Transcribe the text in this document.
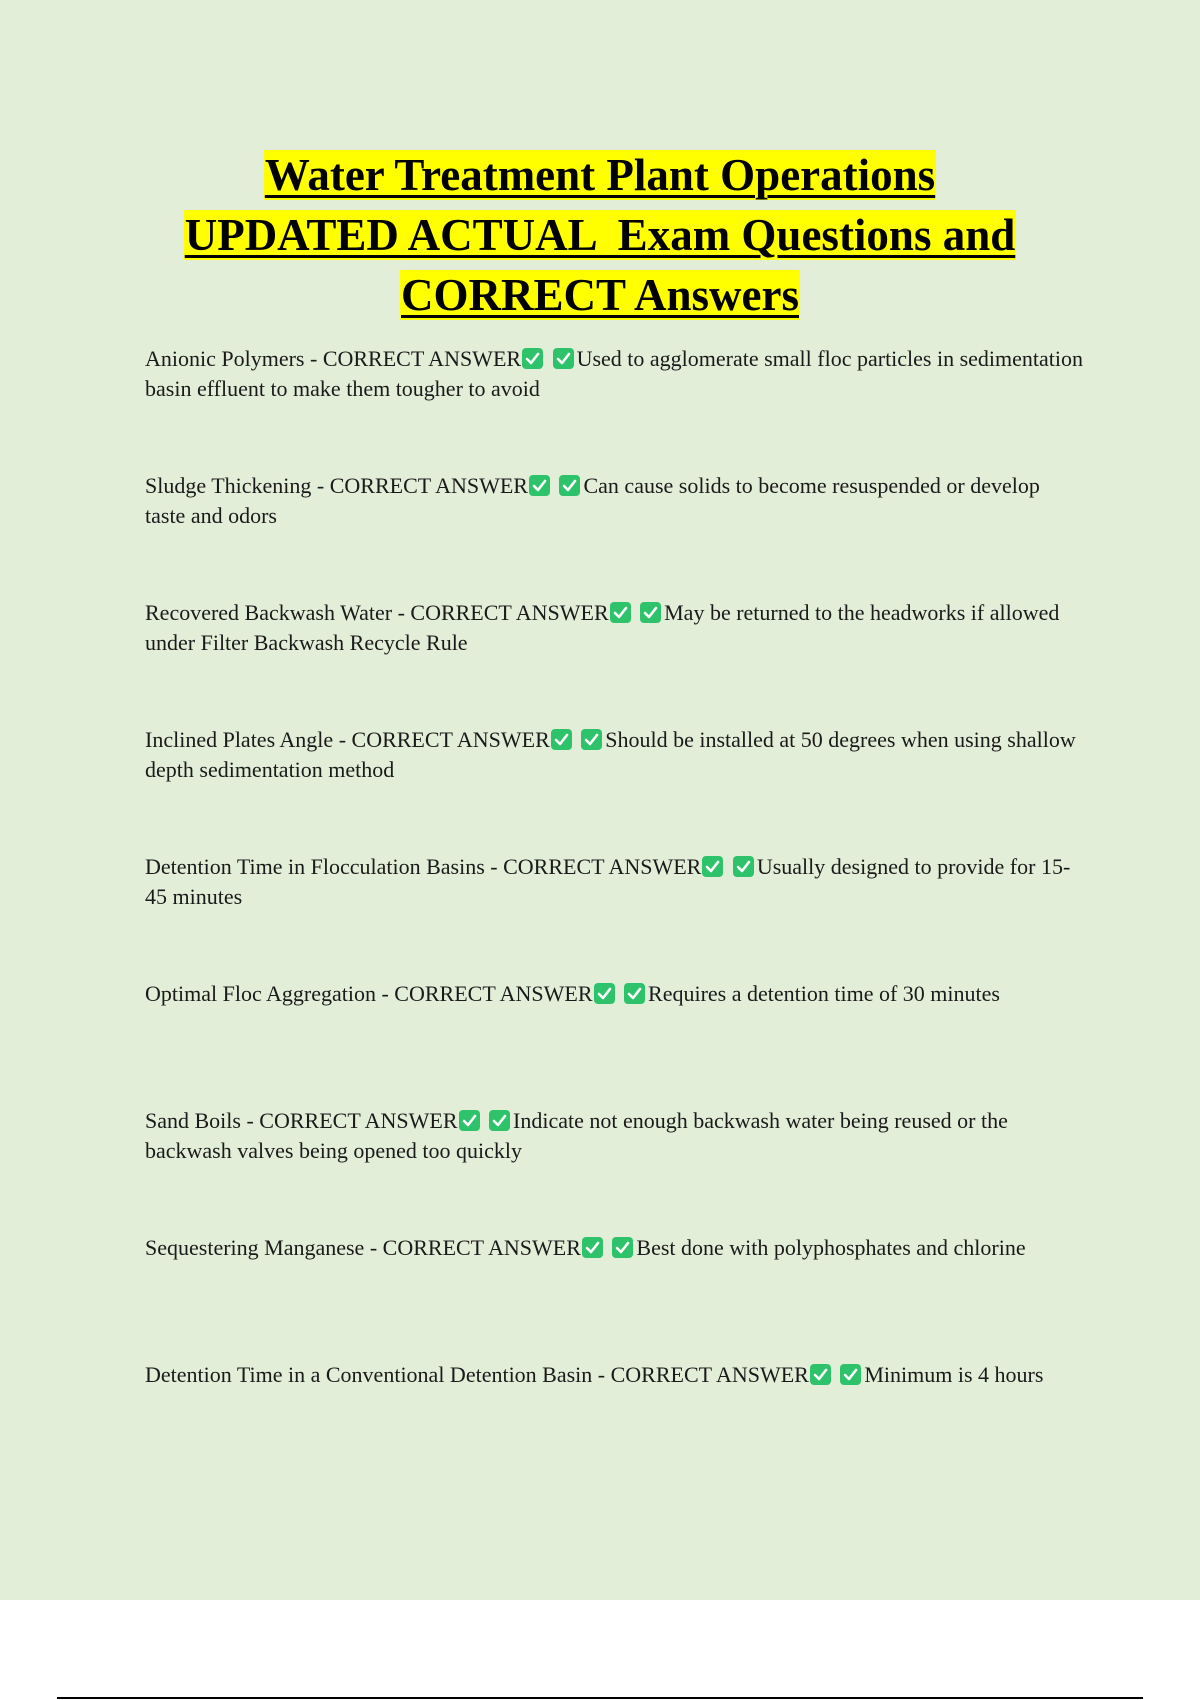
Water Treatment Plant Operations
UPDATED ACTUAL  Exam Questions and
CORRECT Answers

Anionic Polymers - CORRECT ANSWER
	Used to agglomerate small floc particles in sedimentation basin effluent to make them tougher to avoid

Sludge Thickening - CORRECT ANSWER
	Can cause solids to become resuspended or develop taste and odors

Recovered Backwash Water - CORRECT ANSWER
	May be returned to the headworks if allowed under Filter Backwash Recycle Rule

Inclined Plates Angle - CORRECT ANSWER
	Should be installed at 50 degrees when using shallow depth sedimentation method

Detention Time in Flocculation Basins - CORRECT ANSWER
	Usually designed to provide for 15-45 minutes

Optimal Floc Aggregation - CORRECT ANSWER
	Requires a detention time of 30 minutes

Sand Boils - CORRECT ANSWER
	Indicate not enough backwash water being reused or the backwash valves being opened too quickly

Sequestering Manganese - CORRECT ANSWER
	Best done with polyphosphates and chlorine

Detention Time in a Conventional Detention Basin - CORRECT ANSWER
	Minimum is 4 hours
